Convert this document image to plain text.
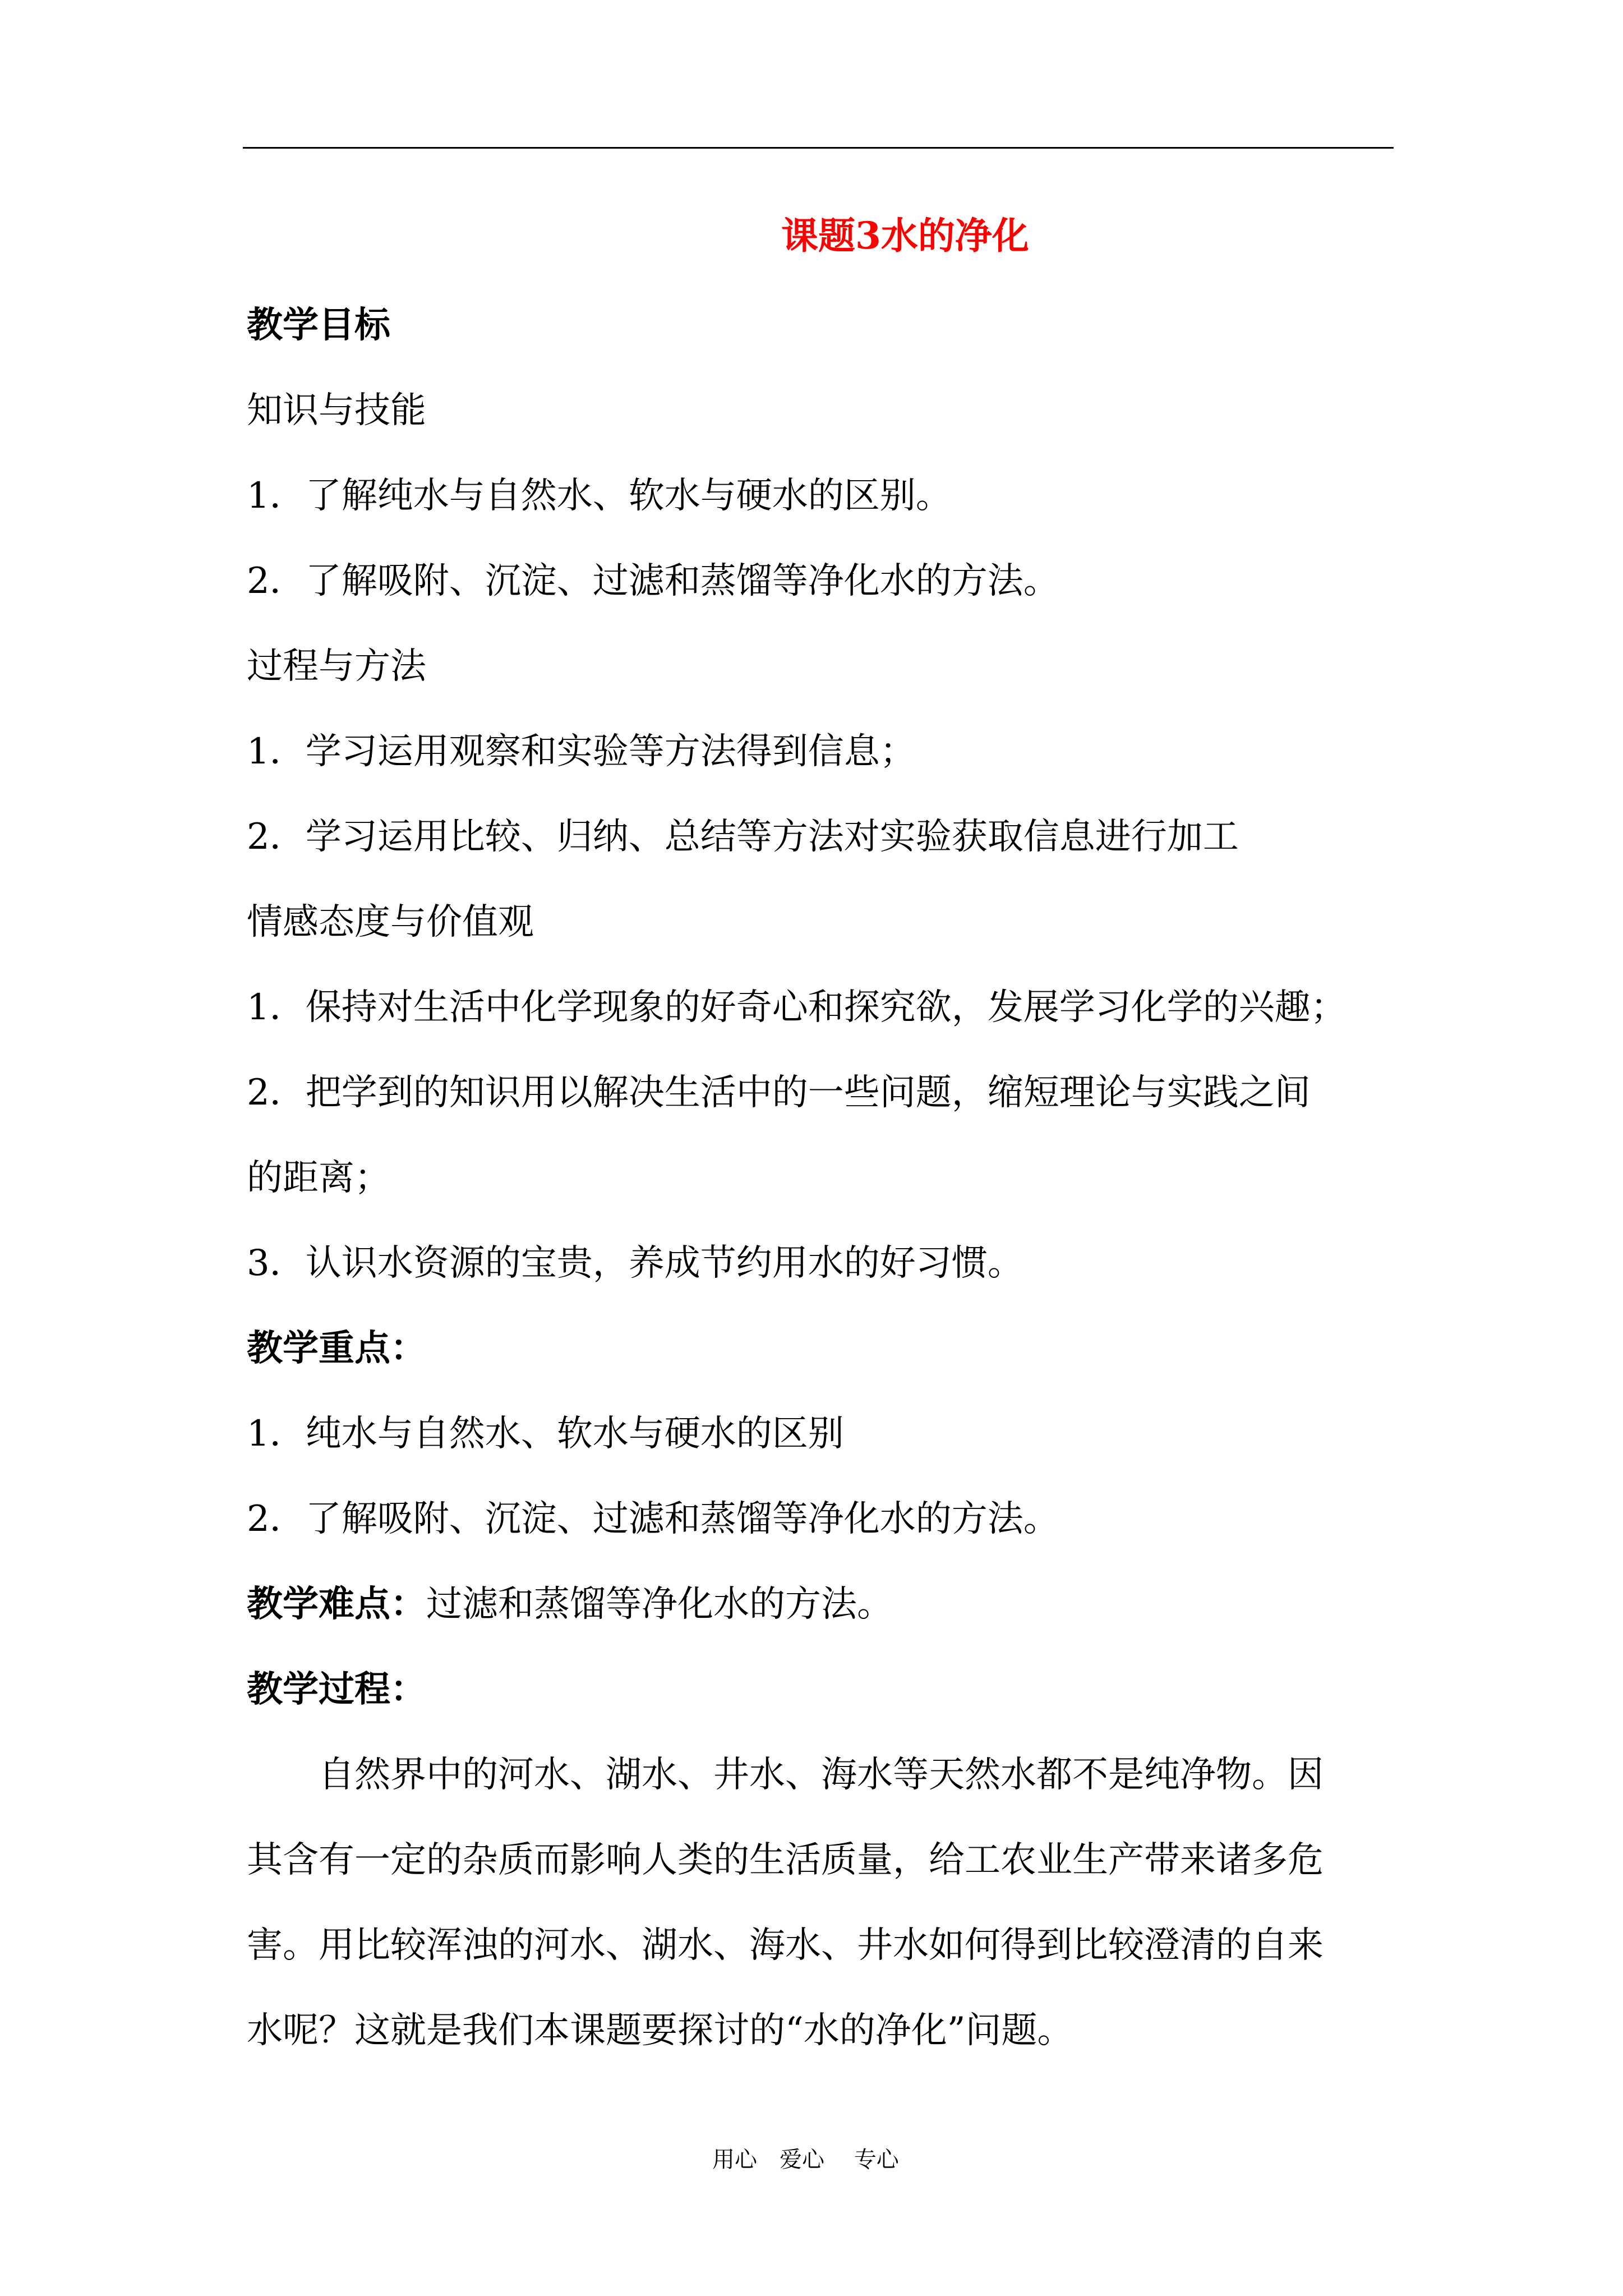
课题3水的净化
教学目标
知识与技能
1．了解纯水与自然水、软水与硬水的区别。
2．了解吸附、沉淀、过滤和蒸馏等净化水的方法。
过程与方法
1．学习运用观察和实验等方法得到信息；
2．学习运用比较、归纳、总结等方法对实验获取信息进行加工
情感态度与价值观
1．保持对生活中化学现象的好奇心和探究欲，发展学习化学的兴趣；
2．把学到的知识用以解决生活中的一些问题，缩短理论与实践之间
的距离；
3．认识水资源的宝贵，养成节约用水的好习惯。
教学重点：
1．纯水与自然水、软水与硬水的区别
2．了解吸附、沉淀、过滤和蒸馏等净化水的方法。
教学难点：过滤和蒸馏等净化水的方法。
教学过程：
自然界中的河水、湖水、井水、海水等天然水都不是纯净物。因
其含有一定的杂质而影响人类的生活质量，给工农业生产带来诸多危
害。用比较浑浊的河水、湖水、海水、井水如何得到比较澄清的自来
水呢？这就是我们本课题要探讨的“水的净化”问题。
用心　爱心　 专心
